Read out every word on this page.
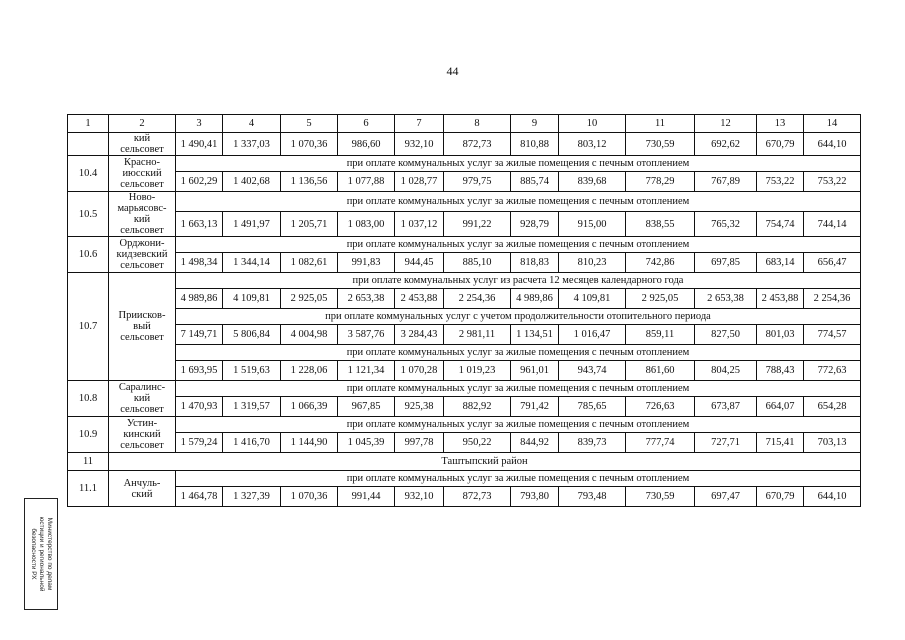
44
1	2	3	4	5	6	7	8	9	10	11	12	13	14
	кий
сельсовет	1 490,41	1 337,03	1 070,36	986,60	932,10	872,73	810,88	803,12	730,59	692,62	670,79	644,10
10.4	Красно-
июсский
сельсовет	при оплате коммунальных услуг за жилые помещения с печным отоплением											
		1 602,29	1 402,68	1 136,56	1 077,88	1 028,77	979,75	885,74	839,68	778,29	767,89	753,22	753,22
10.5	Ново-
марьясовс-
кий
сельсовет	при оплате коммунальных услуг за жилые помещения с печным отоплением											
		1 663,13	1 491,97	1 205,71	1 083,00	1 037,12	991,22	928,79	915,00	838,55	765,32	754,74	744,14
10.6	Орджони-
кидзевский
сельсовет	при оплате коммунальных услуг за жилые помещения с печным отоплением											
		1 498,34	1 344,14	1 082,61	991,83	944,45	885,10	818,83	810,23	742,86	697,85	683,14	656,47
10.7	Приисков-
вый
сельсовет	при оплате коммунальных услуг из расчета 12 месяцев календарного года											
		4 989,86	4 109,81	2 925,05	2 653,38	2 453,88	2 254,36	4 989,86	4 109,81	2 925,05	2 653,38	2 453,88	2 254,36
		при оплате коммунальных услуг с учетом продолжительности отопительного периода											
		7 149,71	5 806,84	4 004,98	3 587,76	3 284,43	2 981,11	1 134,51	1 016,47	859,11	827,50	801,03	774,57
		при оплате коммунальных услуг за жилые помещения с печным отоплением											
		1 693,95	1 519,63	1 228,06	1 121,34	1 070,28	1 019,23	961,01	943,74	861,60	804,25	788,43	772,63
10.8	Саралинс-
кий
сельсовет	при оплате коммунальных услуг за жилые помещения с печным отоплением											
		1 470,93	1 319,57	1 066,39	967,85	925,38	882,92	791,42	785,65	726,63	673,87	664,07	654,28
10.9	Устин-
кинский
сельсовет	при оплате коммунальных услуг за жилые помещения с печным отоплением											
		1 579,24	1 416,70	1 144,90	1 045,39	997,78	950,22	844,92	839,73	777,74	727,71	715,41	703,13
11	Таштыпский район												
11.1	Анчуль-
ский	при оплате коммунальных услуг за жилые помещения с печным отоплением											
		1 464,78	1 327,39	1 070,36	991,44	932,10	872,73	793,80	793,48	730,59	697,47	670,79	644,10
Министерство по делам
юстиции и региональной
безопасности РХ
